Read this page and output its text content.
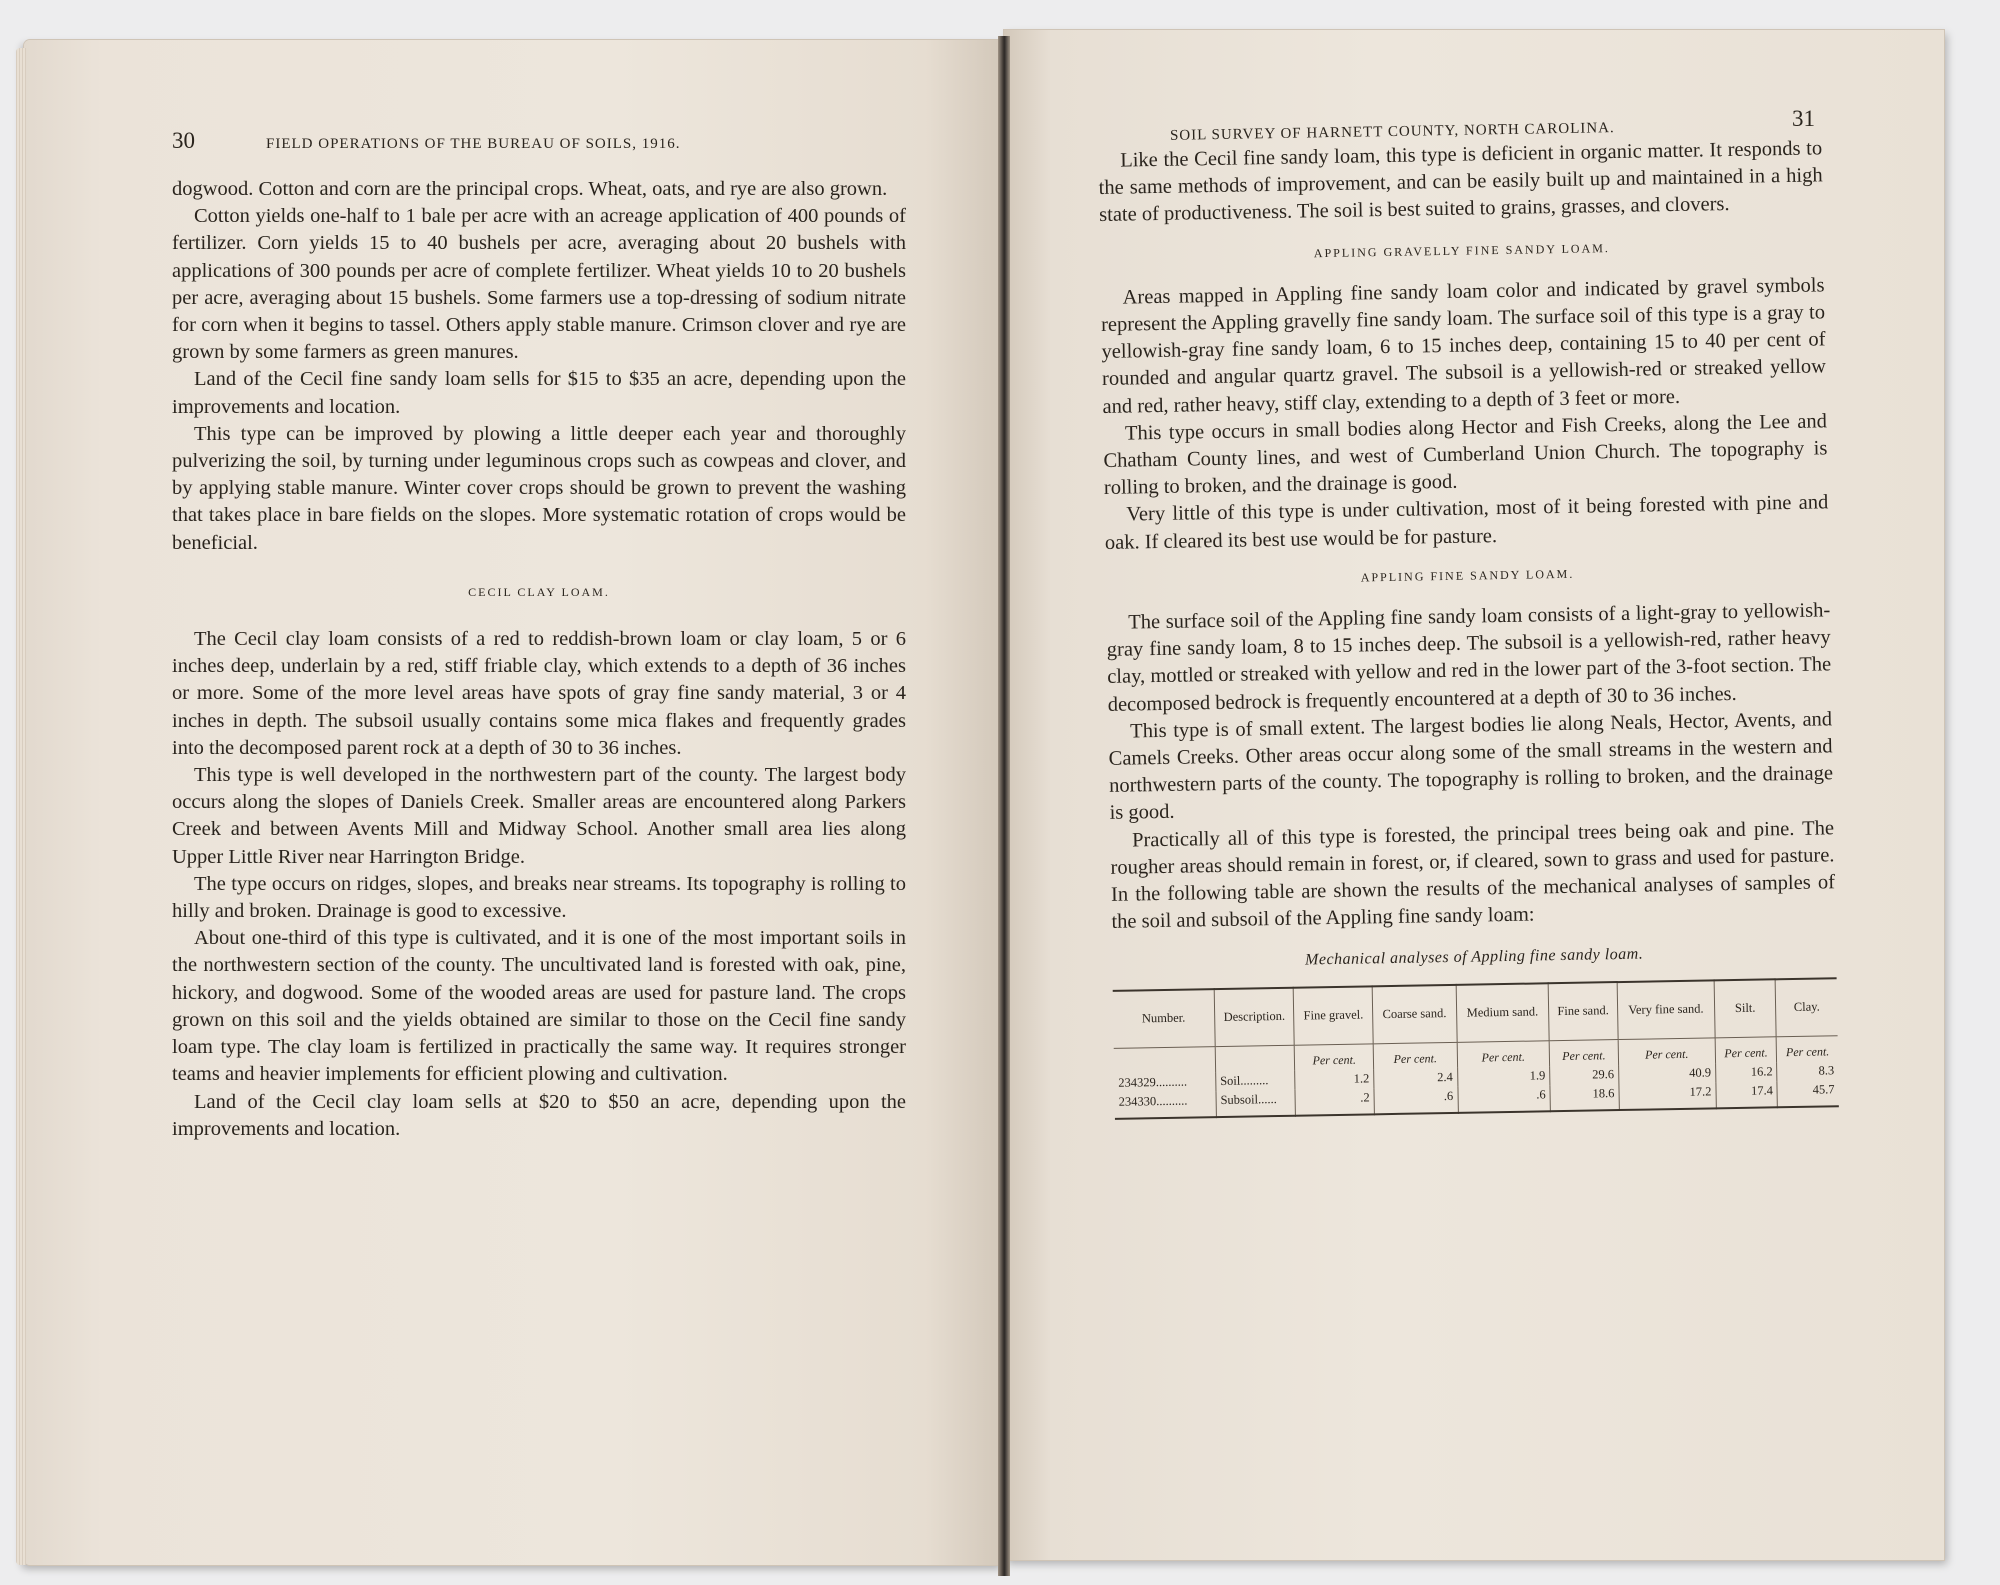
30	FIELD OPERATIONS OF THE BUREAU OF SOILS, 1916.

dogwood. Cotton and corn are the principal crops. Wheat, oats, and rye are also grown.

Cotton yields one-half to 1 bale per acre with an acreage application of 400 pounds of fertilizer. Corn yields 15 to 40 bushels per acre, averaging about 20 bushels with applications of 300 pounds per acre of complete fertilizer. Wheat yields 10 to 20 bushels per acre, averaging about 15 bushels. Some farmers use a top-dressing of sodium nitrate for corn when it begins to tassel. Others apply stable manure. Crimson clover and rye are grown by some farmers as green manures.

Land of the Cecil fine sandy loam sells for $15 to $35 an acre, depending upon the improvements and location.

This type can be improved by plowing a little deeper each year and thoroughly pulverizing the soil, by turning under leguminous crops such as cowpeas and clover, and by applying stable manure. Winter cover crops should be grown to prevent the washing that takes place in bare fields on the slopes. More systematic rotation of crops would be beneficial.

CECIL CLAY LOAM.

The Cecil clay loam consists of a red to reddish-brown loam or clay loam, 5 or 6 inches deep, underlain by a red, stiff friable clay, which extends to a depth of 36 inches or more. Some of the more level areas have spots of gray fine sandy material, 3 or 4 inches in depth. The subsoil usually contains some mica flakes and frequently grades into the decomposed parent rock at a depth of 30 to 36 inches.

This type is well developed in the northwestern part of the county. The largest body occurs along the slopes of Daniels Creek. Smaller areas are encountered along Parkers Creek and between Avents Mill and Midway School. Another small area lies along Upper Little River near Harrington Bridge.

The type occurs on ridges, slopes, and breaks near streams. Its topography is rolling to hilly and broken. Drainage is good to excessive.

About one-third of this type is cultivated, and it is one of the most important soils in the northwestern section of the county. The uncultivated land is forested with oak, pine, hickory, and dogwood. Some of the wooded areas are used for pasture land. The crops grown on this soil and the yields obtained are similar to those on the Cecil fine sandy loam type. The clay loam is fertilized in practically the same way. It requires stronger teams and heavier implements for efficient plowing and cultivation.

Land of the Cecil clay loam sells at $20 to $50 an acre, depending upon the improvements and location.

SOIL SURVEY OF HARNETT COUNTY, NORTH CAROLINA.
31

Like the Cecil fine sandy loam, this type is deficient in organic matter. It responds to the same methods of improvement, and can be easily built up and maintained in a high state of productiveness. The soil is best suited to grains, grasses, and clovers.

APPLING GRAVELLY FINE SANDY LOAM.

Areas mapped in Appling fine sandy loam color and indicated by gravel symbols represent the Appling gravelly fine sandy loam. The surface soil of this type is a gray to yellowish-gray fine sandy loam, 6 to 15 inches deep, containing 15 to 40 per cent of rounded and angular quartz gravel. The subsoil is a yellowish-red or streaked yellow and red, rather heavy, stiff clay, extending to a depth of 3 feet or more.

This type occurs in small bodies along Hector and Fish Creeks, along the Lee and Chatham County lines, and west of Cumberland Union Church. The topography is rolling to broken, and the drainage is good.

Very little of this type is under cultivation, most of it being forested with pine and oak. If cleared its best use would be for pasture.

APPLING FINE SANDY LOAM.

The surface soil of the Appling fine sandy loam consists of a light-gray to yellowish-gray fine sandy loam, 8 to 15 inches deep. The subsoil is a yellowish-red, rather heavy clay, mottled or streaked with yellow and red in the lower part of the 3-foot section. The decomposed bedrock is frequently encountered at a depth of 30 to 36 inches.

This type is of small extent. The largest bodies lie along Neals, Hector, Avents, and Camels Creeks. Other areas occur along some of the small streams in the western and northwestern parts of the county. The topography is rolling to broken, and the drainage is good.

Practically all of this type is forested, the principal trees being oak and pine. The rougher areas should remain in forest, or, if cleared, sown to grass and used for pasture. In the following table are shown the results of the mechanical analyses of samples of the soil and subsoil of the Appling fine sandy loam:

Mechanical analyses of Appling fine sandy loam.
Number.	Description.	Fine gravel.	Coarse sand.	Medium sand.	Fine sand.	Very fine sand.	Silt.	Clay.
		Per cent.	Per cent.	Per cent.	Per cent.	Per cent.	Per cent.	Per cent.
234329..........	Soil.........	1.2	2.4	1.9	29.6	40.9	16.2	8.3
234330..........	Subsoil......	.2	.6	.6	18.6	17.2	17.4	45.7
